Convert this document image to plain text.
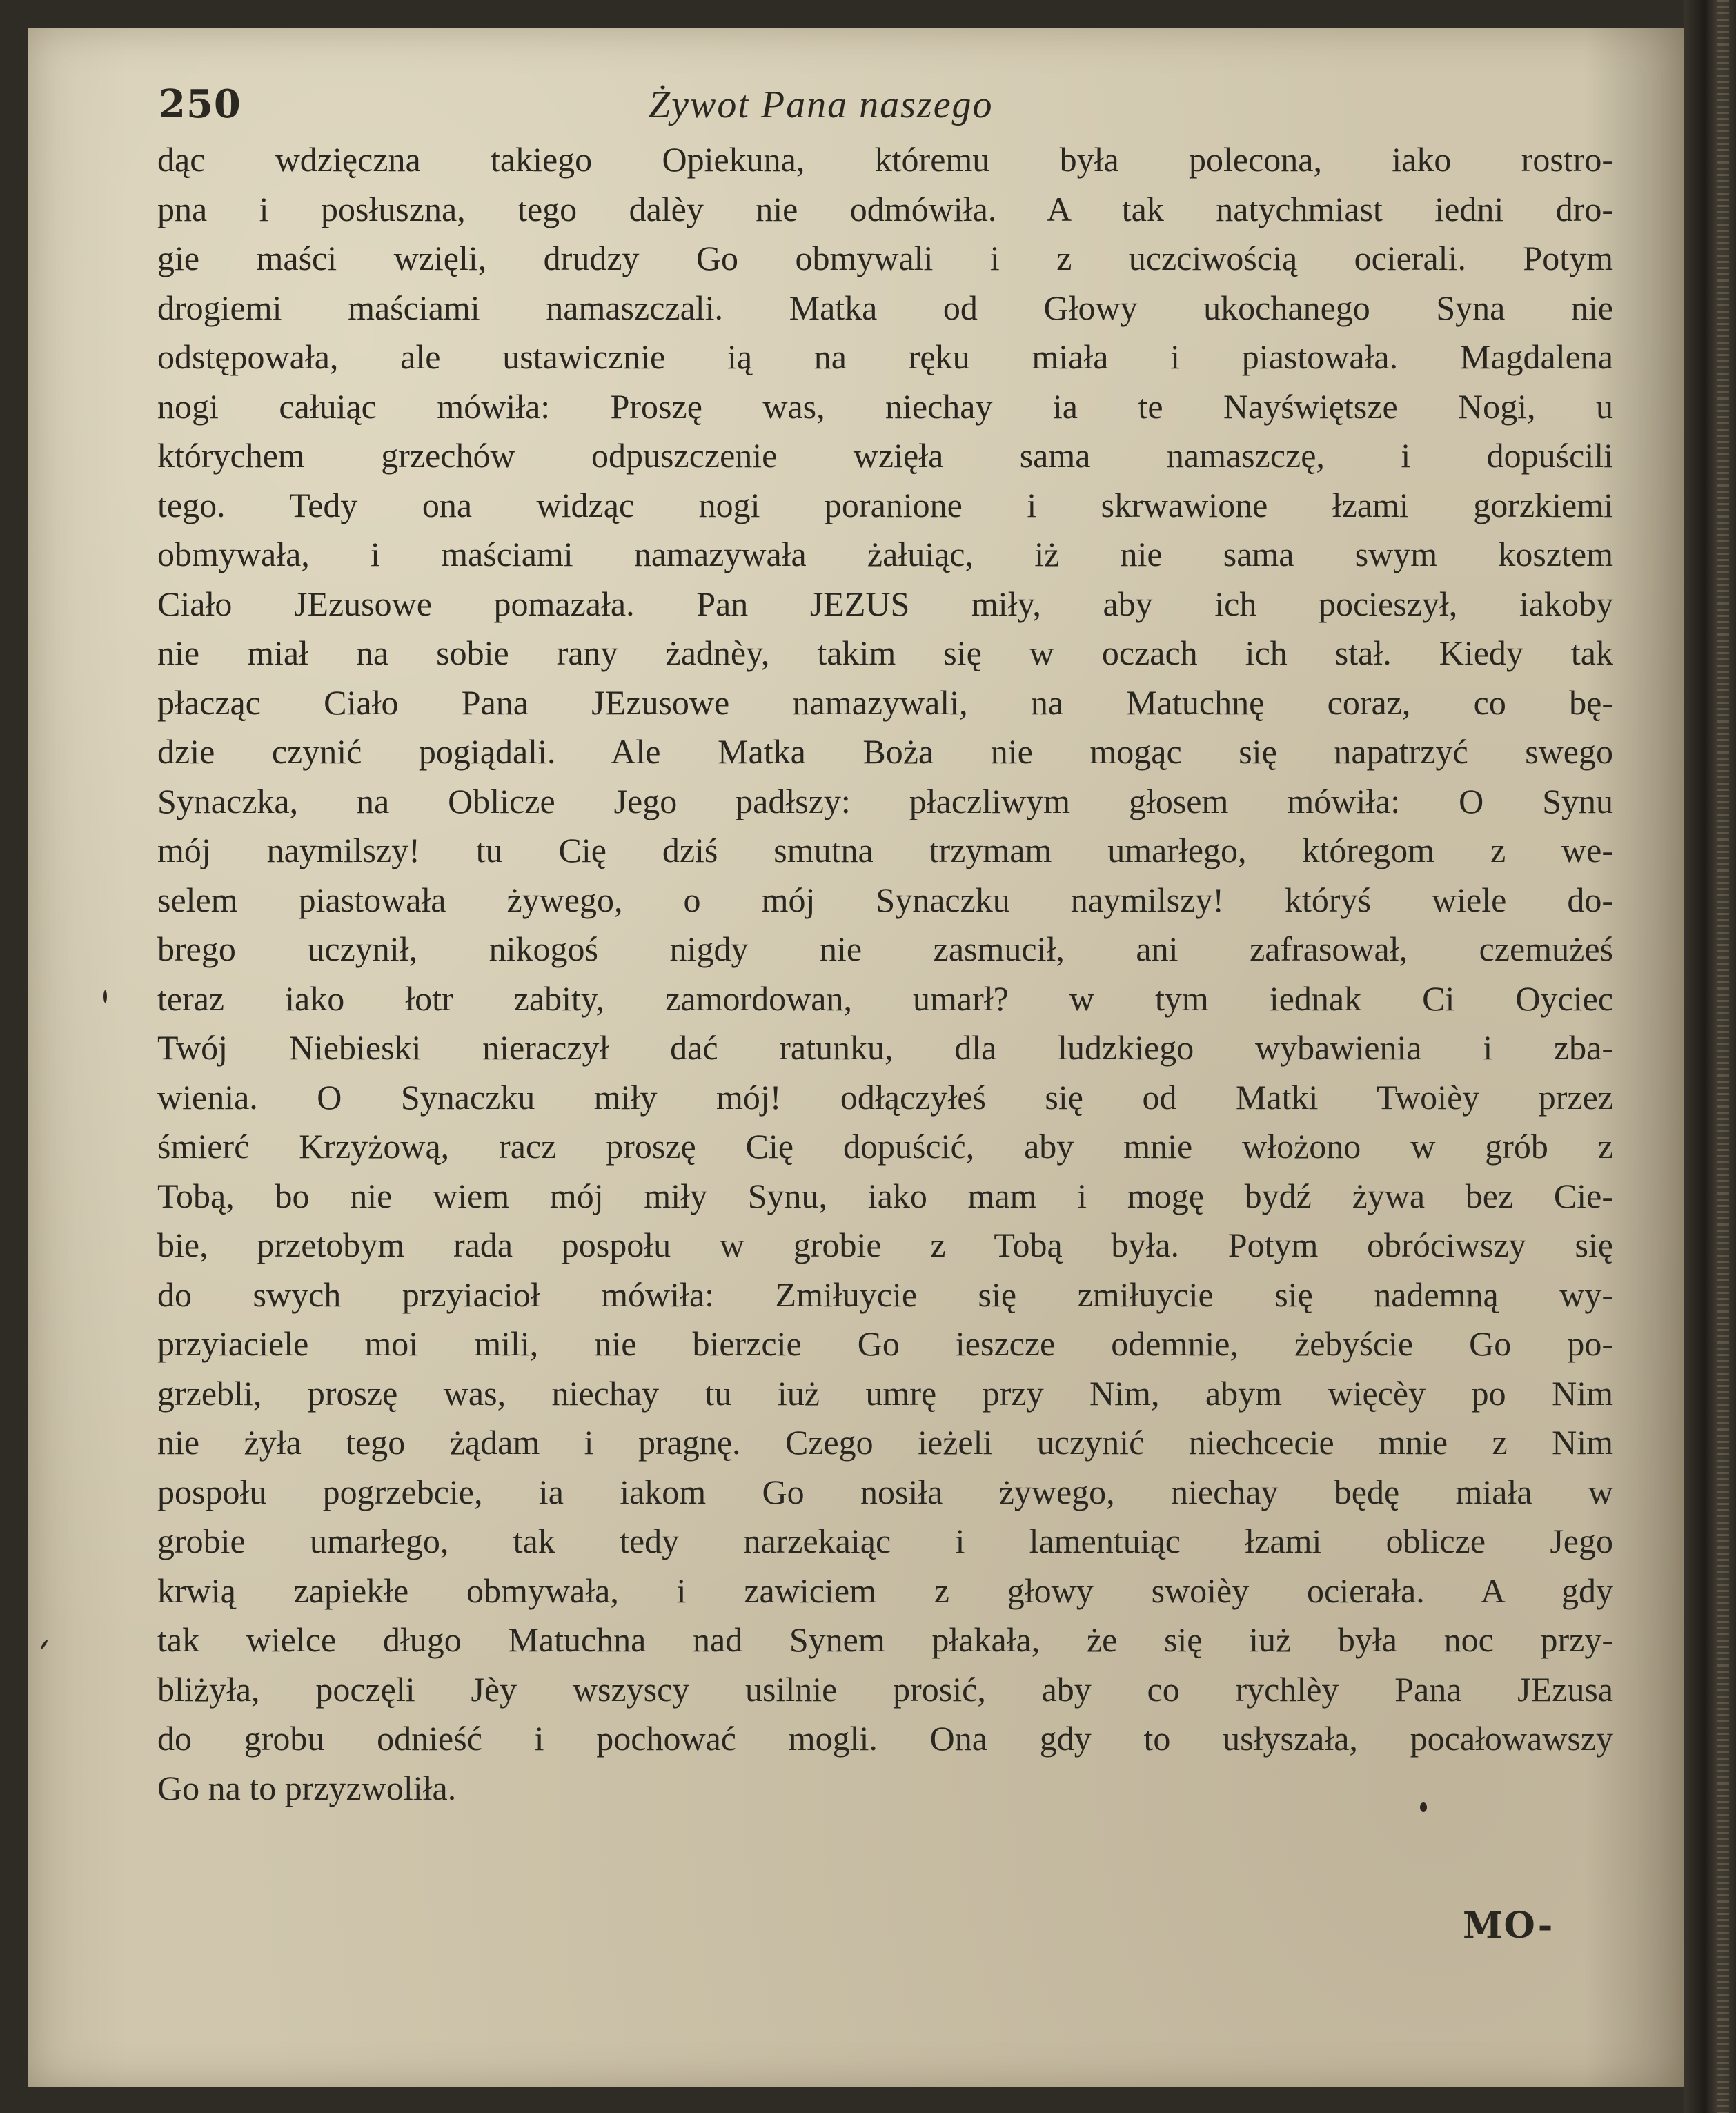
250	Żywot Pana naszego
dąc wdzięczna takiego Opiekuna, któremu była polecona, iako rostro-
pna i posłuszna, tego dalèy nie odmówiła. A tak natychmiast iedni dro-
gie maści wzięli, drudzy Go obmywali i z uczciwością ocierali. Potym
drogiemi maściami namaszczali. Matka od Głowy ukochanego Syna nie
odstępowała, ale ustawicznie ią na ręku miała i piastowała. Magdalena
nogi całuiąc mówiła: Proszę was, niechay ia te Nayświętsze Nogi, u
którychem grzechów odpuszczenie wzięła sama namaszczę, i dopuścili
tego. Tedy ona widząc nogi poranione i skrwawione łzami gorzkiemi
obmywała, i maściami namazywała żałuiąc, iż nie sama swym kosztem
Ciało JEzusowe pomazała. Pan JEZUS miły, aby ich pocieszył, iakoby
nie miał na sobie rany żadnèy, takim się w oczach ich stał. Kiedy tak
płacząc Ciało Pana JEzusowe namazywali, na Matuchnę coraz, co bę-
dzie czynić pogiądali. Ale Matka Boża nie mogąc się napatrzyć swego
Synaczka, na Oblicze Jego padłszy: płaczliwym głosem mówiła: O Synu
mój naymilszy! tu Cię dziś smutna trzymam umarłego, któregom z we-
selem piastowała żywego, o mój Synaczku naymilszy! któryś wiele do-
brego uczynił, nikogoś nigdy nie zasmucił, ani zafrasował, czemużeś
teraz iako łotr zabity, zamordowan, umarł? w tym iednak Ci Oyciec
Twój Niebieski nieraczył dać ratunku, dla ludzkiego wybawienia i zba-
wienia. O Synaczku miły mój! odłączyłeś się od Matki Twoièy przez
śmierć Krzyżową, racz proszę Cię dopuścić, aby mnie włożono w grób z
Tobą, bo nie wiem mój miły Synu, iako mam i mogę bydź żywa bez Cie-
bie, przetobym rada pospołu w grobie z Tobą była. Potym obróciwszy się
do swych przyiacioł mówiła: Zmiłuycie się zmiłuycie się nademną wy-
przyiaciele moi mili, nie bierzcie Go ieszcze odemnie, żebyście Go po-
grzebli, proszę was, niechay tu iuż umrę przy Nim, abym więcèy po Nim
nie żyła tego żądam i pragnę. Czego ieżeli uczynić niechcecie mnie z Nim
pospołu pogrzebcie, ia iakom Go nosiła żywego, niechay będę miała w
grobie umarłego, tak tedy narzekaiąc i lamentuiąc łzami oblicze Jego
krwią zapiekłe obmywała, i zawiciem z głowy swoièy ocierała. A gdy
tak wielce długo Matuchna nad Synem płakała, że się iuż była noc przy-
bliżyła, poczęli Jèy wszyscy usilnie prosić, aby co rychlèy Pana JEzusa
do grobu odnieść i pochować mogli. Ona gdy to usłyszała, pocałowawszy
Go na to przyzwoliła.
MO-
